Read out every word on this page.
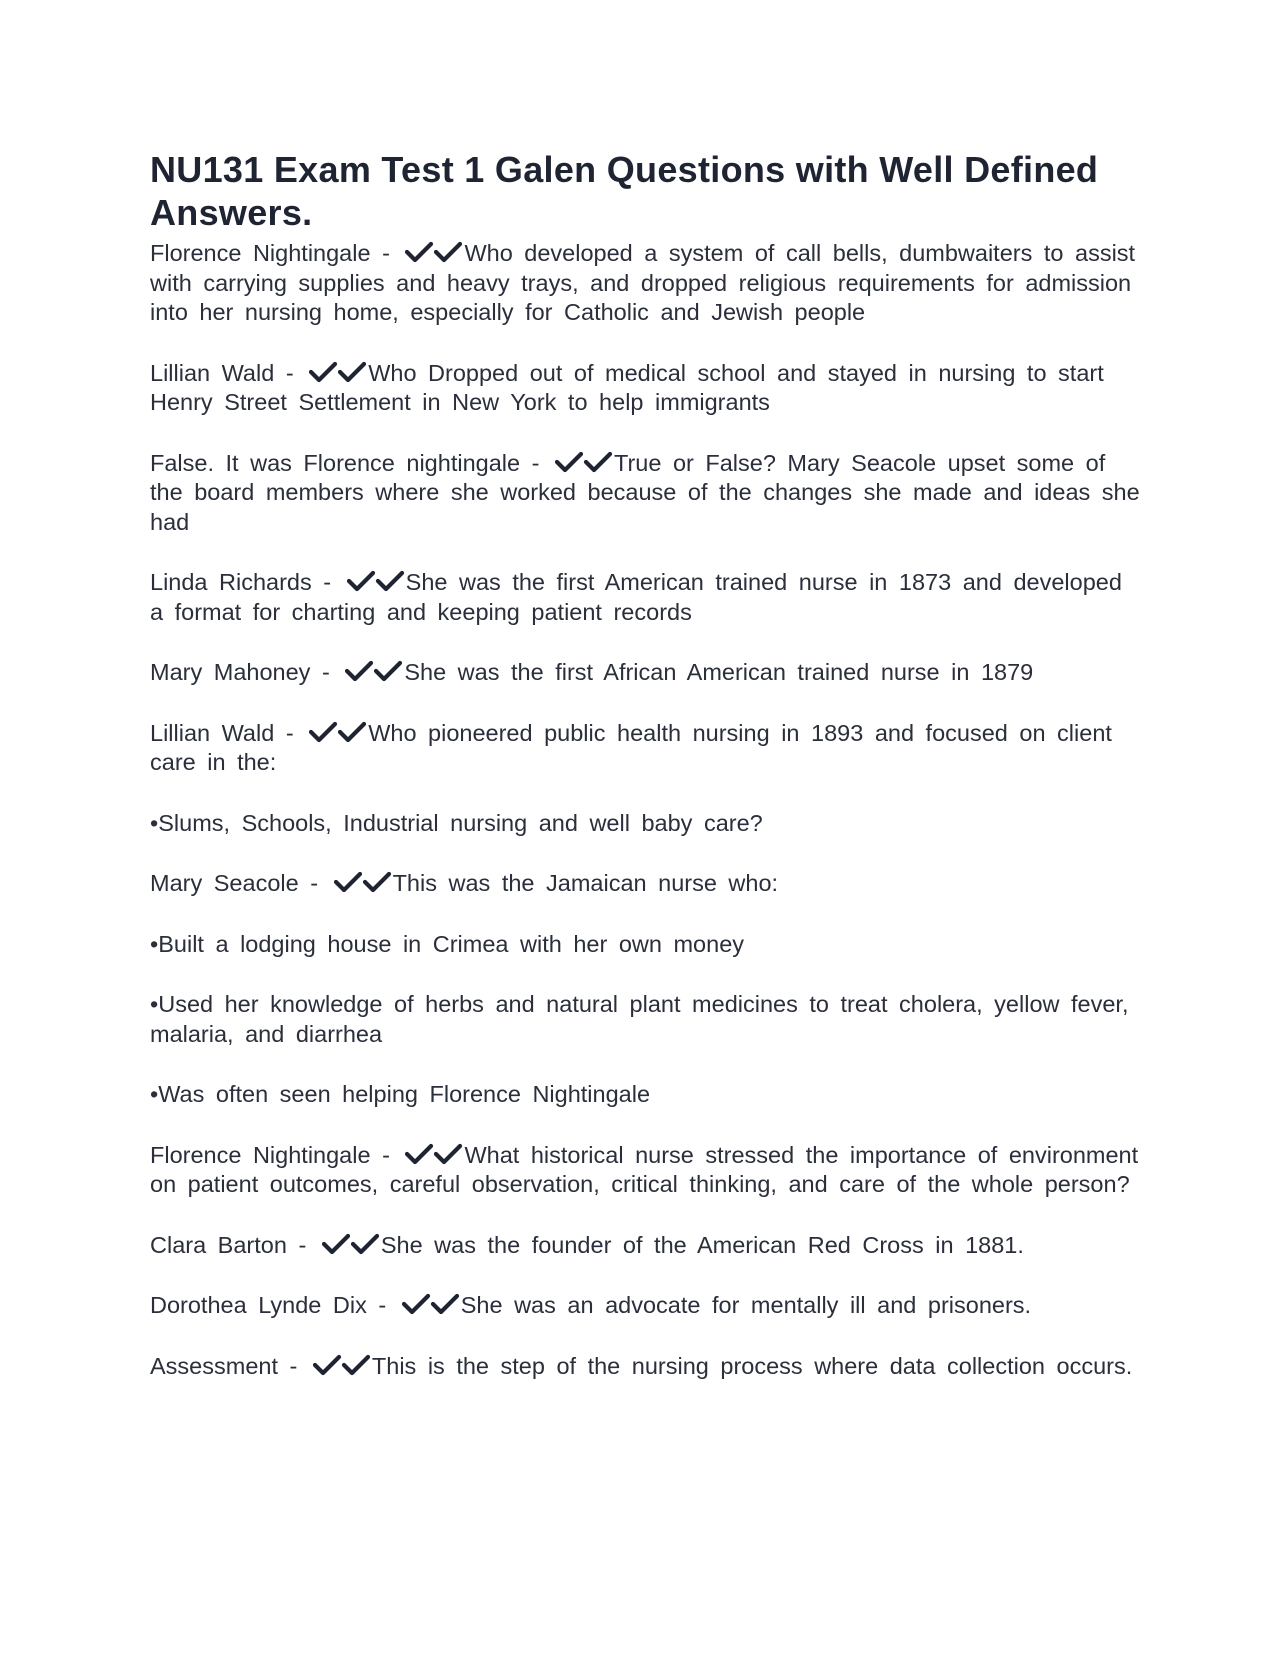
NU131 Exam Test 1 Galen Questions with Well Defined Answers.

Florence Nightingale -	Who developed a system of call bells, dumbwaiters to assist with carrying supplies and heavy trays, and dropped religious requirements for admission into her nursing home, especially for Catholic and Jewish people

Lillian Wald -	Who Dropped out of medical school and stayed in nursing to start Henry Street Settlement in New York to help immigrants

False. It was Florence nightingale -	True or False? Mary Seacole upset some of the board members where she worked because of the changes she made and ideas she had

Linda Richards -	She was the first American trained nurse in 1873 and developed a format for charting and keeping patient records

Mary Mahoney -	She was the first African American trained nurse in 1879

Lillian Wald -	Who pioneered public health nursing in 1893 and focused on client care in the:

•Slums, Schools, Industrial nursing and well baby care?

Mary Seacole -	This was the Jamaican nurse who:

•Built a lodging house in Crimea with her own money

•Used her knowledge of herbs and natural plant medicines to treat cholera, yellow fever, malaria, and diarrhea

•Was often seen helping Florence Nightingale

Florence Nightingale -	What historical nurse stressed the importance of environment on patient outcomes, careful observation, critical thinking, and care of the whole person?

Clara Barton -	She was the founder of the American Red Cross in 1881.

Dorothea Lynde Dix -	She was an advocate for mentally ill and prisoners.

Assessment -	This is the step of the nursing process where data collection occurs.
